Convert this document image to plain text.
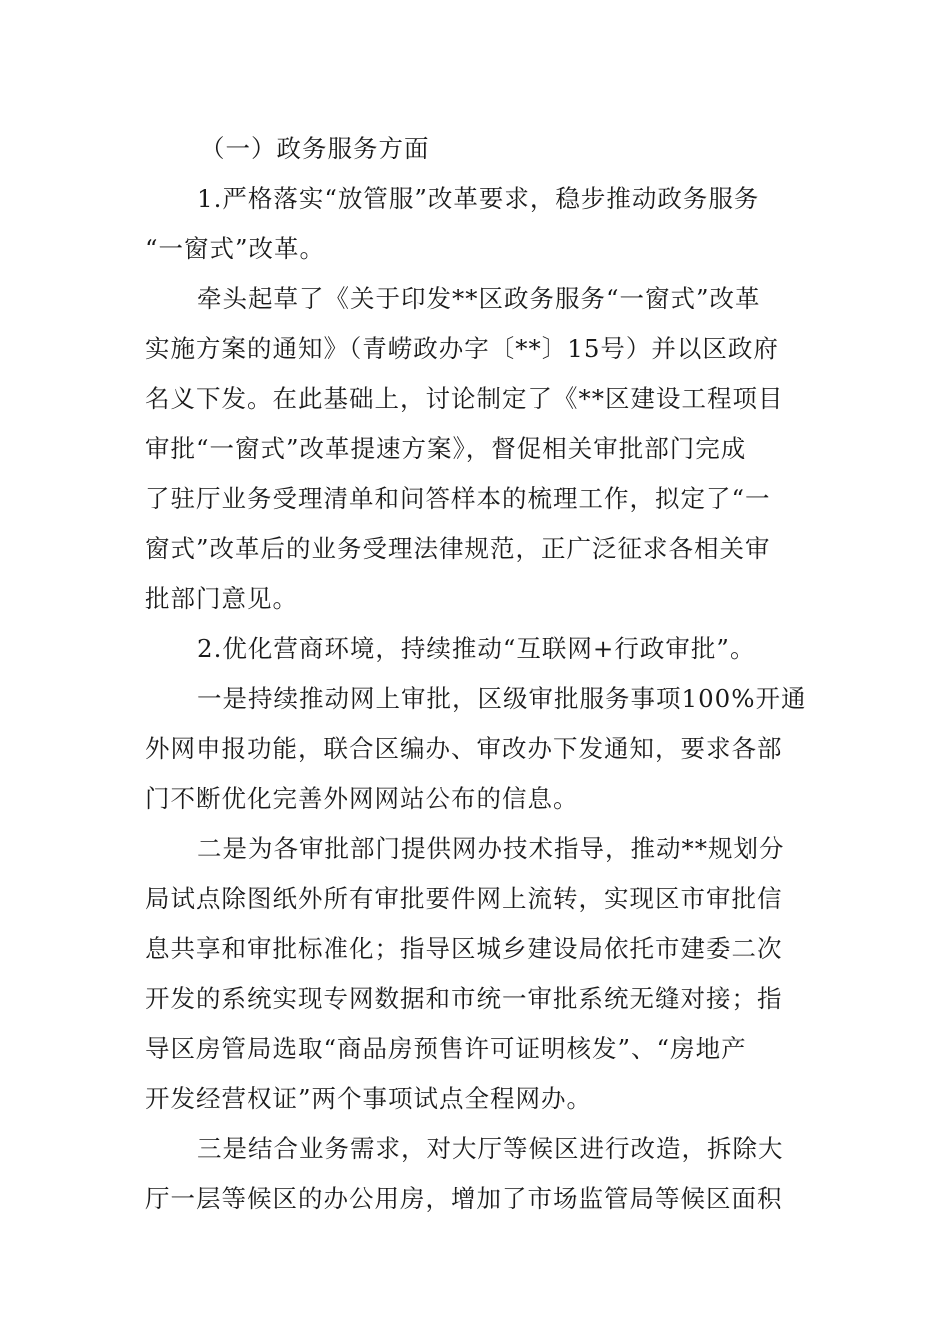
（一）政务服务方面
1.严格落实“放管服”改革要求，稳步推动政务服务
“一窗式”改革。
牵头起草了《关于印发**区政务服务“一窗式”改革
实施方案的通知》（青崂政办字〔**〕15号）并以区政府
名义下发。在此基础上，讨论制定了《**区建设工程项目
审批“一窗式”改革提速方案》，督促相关审批部门完成
了驻厅业务受理清单和问答样本的梳理工作，拟定了“一
窗式”改革后的业务受理法律规范，正广泛征求各相关审
批部门意见。
2.优化营商环境，持续推动“互联网+行政审批”。
一是持续推动网上审批，区级审批服务事项100%开通
外网申报功能，联合区编办、审改办下发通知，要求各部
门不断优化完善外网网站公布的信息。
二是为各审批部门提供网办技术指导，推动**规划分
局试点除图纸外所有审批要件网上流转，实现区市审批信
息共享和审批标准化；指导区城乡建设局依托市建委二次
开发的系统实现专网数据和市统一审批系统无缝对接；指
导区房管局选取“商品房预售许可证明核发”、“房地产
开发经营权证”两个事项试点全程网办。
三是结合业务需求，对大厅等候区进行改造，拆除大
厅一层等候区的办公用房，增加了市场监管局等候区面积
